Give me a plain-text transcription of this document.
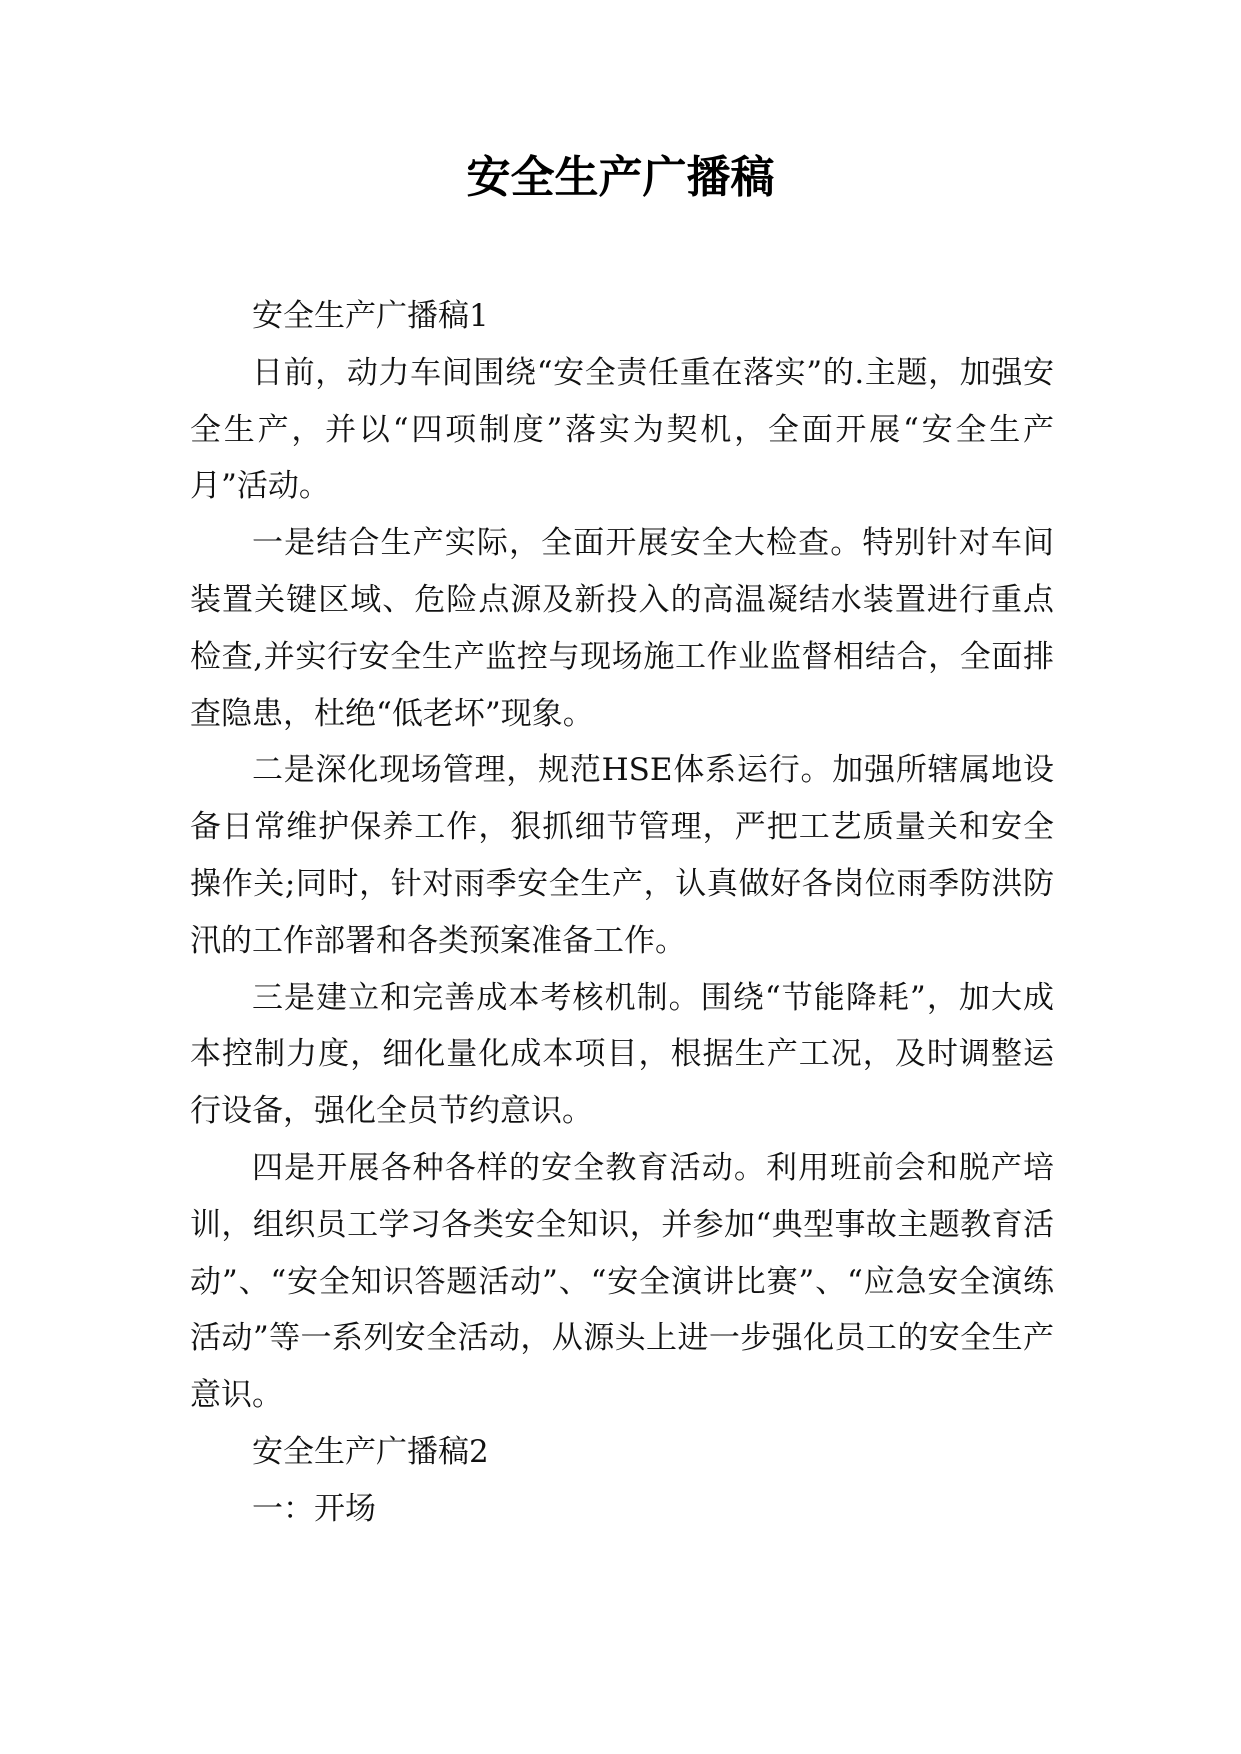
安全生产广播稿

安全生产广播稿1

日前，动力车间围绕“安全责任重在落实”的.主题，加强安全生产，并以“四项制度”落实为契机，全面开展“安全生产月”活动。

一是结合生产实际，全面开展安全大检查。特别针对车间装置关键区域、危险点源及新投入的高温凝结水装置进行重点检查,并实行安全生产监控与现场施工作业监督相结合，全面排查隐患，杜绝“低老坏”现象。

二是深化现场管理，规范HSE体系运行。加强所辖属地设备日常维护保养工作，狠抓细节管理，严把工艺质量关和安全操作关;同时，针对雨季安全生产，认真做好各岗位雨季防洪防汛的工作部署和各类预案准备工作。

三是建立和完善成本考核机制。围绕“节能降耗”，加大成本控制力度，细化量化成本项目，根据生产工况，及时调整运行设备，强化全员节约意识。

四是开展各种各样的安全教育活动。利用班前会和脱产培训，组织员工学习各类安全知识，并参加“典型事故主题教育活动”、“安全知识答题活动”、“安全演讲比赛”、“应急安全演练活动”等一系列安全活动，从源头上进一步强化员工的安全生产意识。

安全生产广播稿2

一：开场
